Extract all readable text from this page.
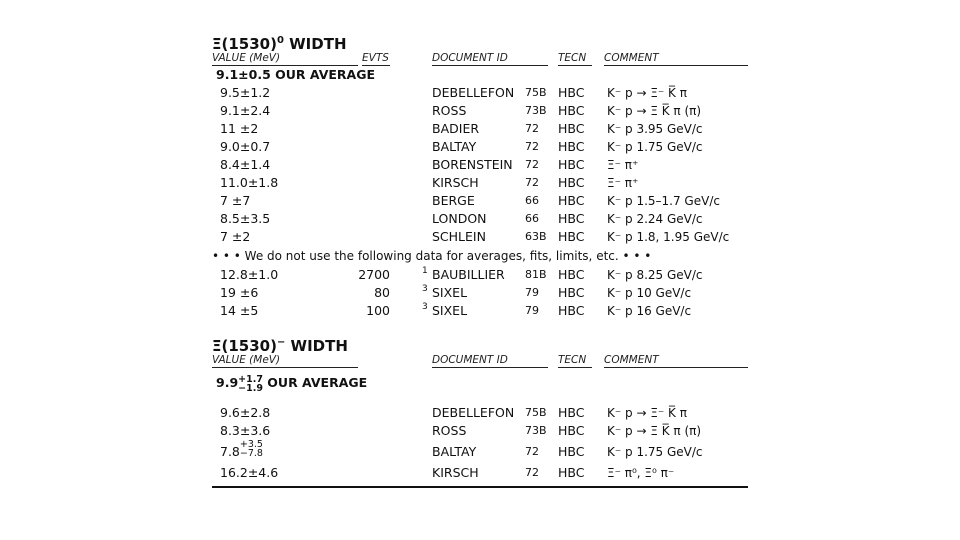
$\Xi(1530)^0$ WIDTH
VALUE (MeV)	EVTS	DOCUMENT ID	TECN	COMMENT
9.1±0.5 OUR AVERAGE
9.5±1.2	DEBELLEFON 75B HBC K⁻ p → Ξ⁻ K̅ π
9.1±2.4	ROSS	73B HBC K⁻ p → Ξ K̅ π (π)
11 ±2	BADIER	72 HBC K⁻ p 3.95 GeV/c
9.0±0.7	BALTAY	72 HBC K⁻ p 1.75 GeV/c
8.4±1.4	BORENSTEIN 72 HBC Ξ⁻ π⁺
11.0±1.8	KIRSCH	72 HBC Ξ⁻ π⁺
7 ±7	BERGE	66 HBC K⁻ p 1.5–1.7 GeV/c
8.5±3.5	LONDON	66 HBC K⁻ p 2.24 GeV/c
7 ±2	SCHLEIN	63B HBC K⁻ p 1.8, 1.95 GeV/c
• • • We do not use the following data for averages, fits, limits, etc. • • •
12.8±1.0	2700	1 BAUBILLIER 81B HBC K⁻ p 8.25 GeV/c
19 ±6	80	3 SIXEL	79 HBC K⁻ p 10 GeV/c
14 ±5	100	3 SIXEL	79 HBC K⁻ p 16 GeV/c
Ξ(1530)− WIDTH
VALUE (MeV)	DOCUMENT ID	TECN	COMMENT
9.9 +1.7
−1.9 OUR AVERAGE
9.6±2.8	DEBELLEFON 75B HBC K⁻ p → Ξ⁻ K̅ π
8.3±3.6	ROSS	73B HBC K⁻ p → Ξ K̅ π (π)
7.8 +3.5
−7.8	BALTAY	72 HBC K⁻ p 1.75 GeV/c
16.2±4.6	KIRSCH	72 HBC Ξ⁻ π⁰, Ξ⁰ π⁻
